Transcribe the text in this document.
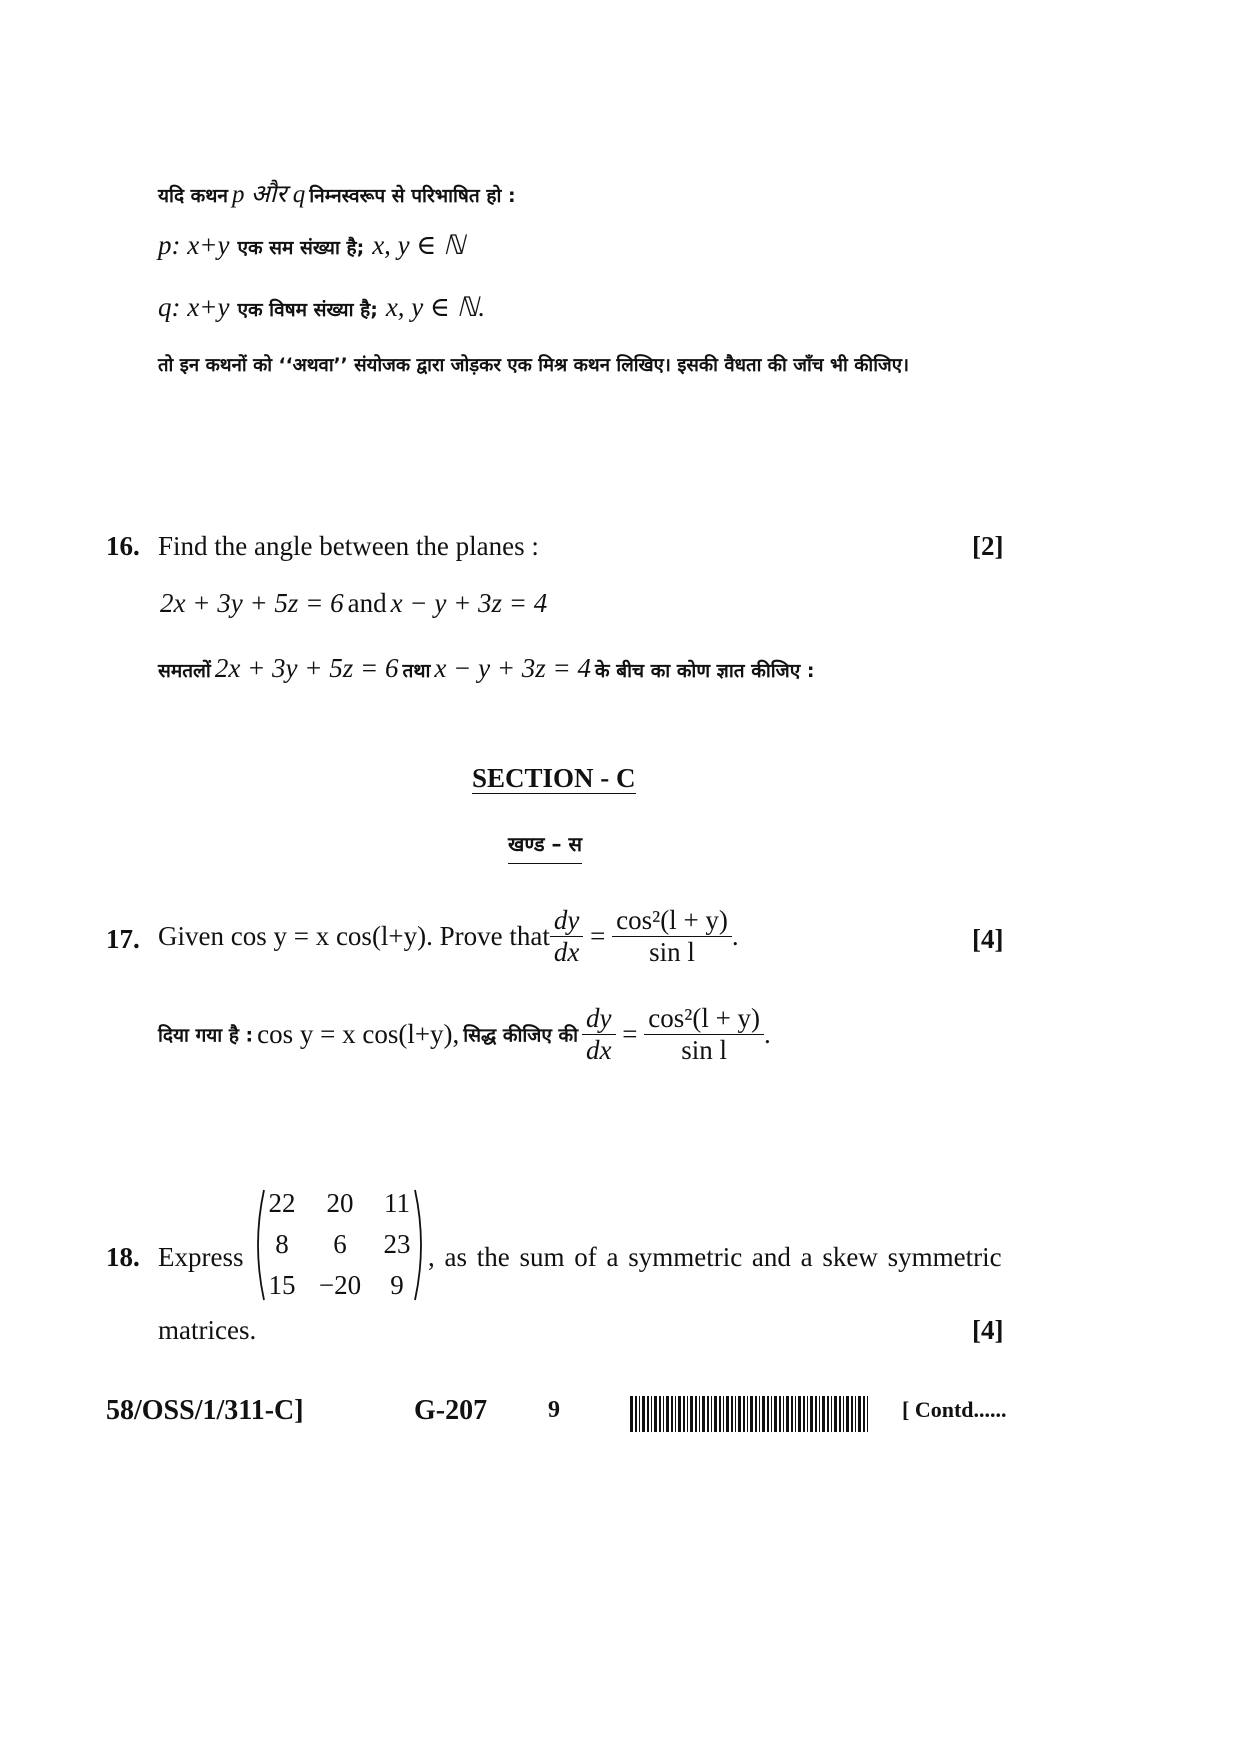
यदि कथन p और q निम्नस्वरूप से परिभाषित हो :
p: x+y एक सम संख्या है; x, y ∈ ℕ
q: x+y एक विषम संख्या है; x, y ∈ ℕ.
तो इन कथनों को ‘‘अथवा’’ संयोजक द्वारा जोड़कर एक मिश्र कथन लिखिए। इसकी वैधता की जाँच भी कीजिए।
16. Find the angle between the planes :	[2]
2x + 3y + 5z = 6 and x − y + 3z = 4
समतलों 2x + 3y + 5z = 6 तथा x − y + 3z = 4 के बीच का कोण ज्ञात कीजिए :
SECTION - C
खण्ड – स
17. Given cos y = x cos(l+y). Prove that $\frac{dy}{dx} = \frac{\text{cos²(l + y)}}{\text{sin l}}$ .	[4]
दिया गया है : cos y = x cos(l+y), सिद्ध कीजिए की $\frac{dy}{dx} = \frac{\text{cos²(l + y)}}{\text{sin l}}$ .
18. Express
22	20	11
8	6	23
15 −20	9
, as the sum of a symmetric and a skew symmetric
matrices.	[4]
58/OSS/1/311-C]	G-207	9	[ Contd......
